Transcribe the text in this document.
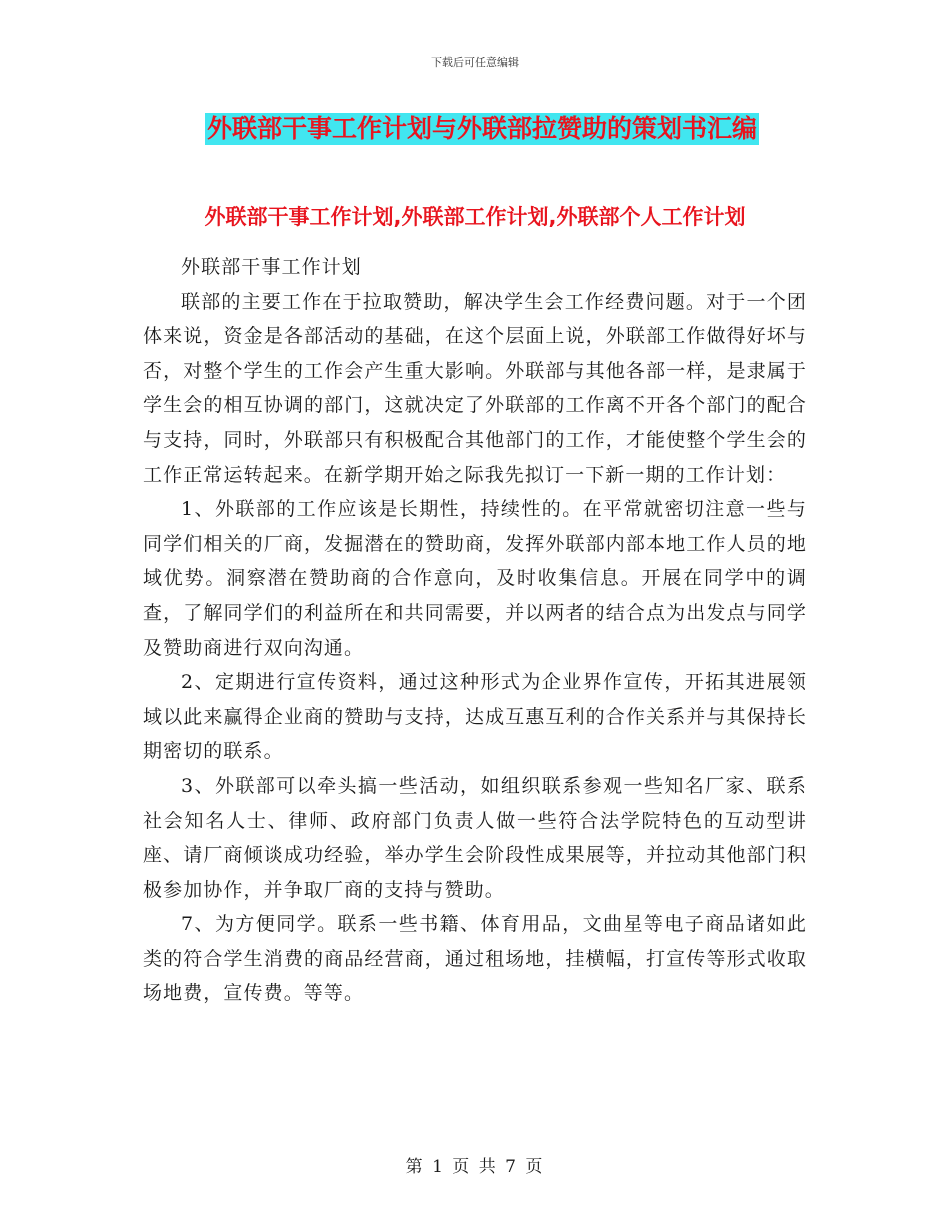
下载后可任意编辑
外联部干事工作计划与外联部拉赞助的策划书汇编
外联部干事工作计划,外联部工作计划,外联部个人工作计划

外联部干事工作计划

联部的主要工作在于拉取赞助，解决学生会工作经费问题。对于一个团体来说，资金是各部活动的基础，在这个层面上说，外联部工作做得好坏与否，对整个学生的工作会产生重大影响。外联部与其他各部一样，是隶属于学生会的相互协调的部门，这就决定了外联部的工作离不开各个部门的配合与支持，同时，外联部只有积极配合其他部门的工作，才能使整个学生会的工作正常运转起来。在新学期开始之际我先拟订一下新一期的工作计划：

1、外联部的工作应该是长期性，持续性的。在平常就密切注意一些与同学们相关的厂商，发掘潜在的赞助商，发挥外联部内部本地工作人员的地域优势。洞察潜在赞助商的合作意向，及时收集信息。开展在同学中的调查，了解同学们的利益所在和共同需要，并以两者的结合点为出发点与同学及赞助商进行双向沟通。

2、定期进行宣传资料，通过这种形式为企业界作宣传，开拓其进展领域以此来赢得企业商的赞助与支持，达成互惠互利的合作关系并与其保持长期密切的联系。

3、外联部可以牵头搞一些活动，如组织联系参观一些知名厂家、联系社会知名人士、律师、政府部门负责人做一些符合法学院特色的互动型讲座、请厂商倾谈成功经验，举办学生会阶段性成果展等，并拉动其他部门积极参加协作，并争取厂商的支持与赞助。

7、为方便同学。联系一些书籍、体育用品，文曲星等电子商品诸如此类的符合学生消费的商品经营商，通过租场地，挂横幅，打宣传等形式收取场地费，宣传费。等等。

第 1 页 共 7 页
